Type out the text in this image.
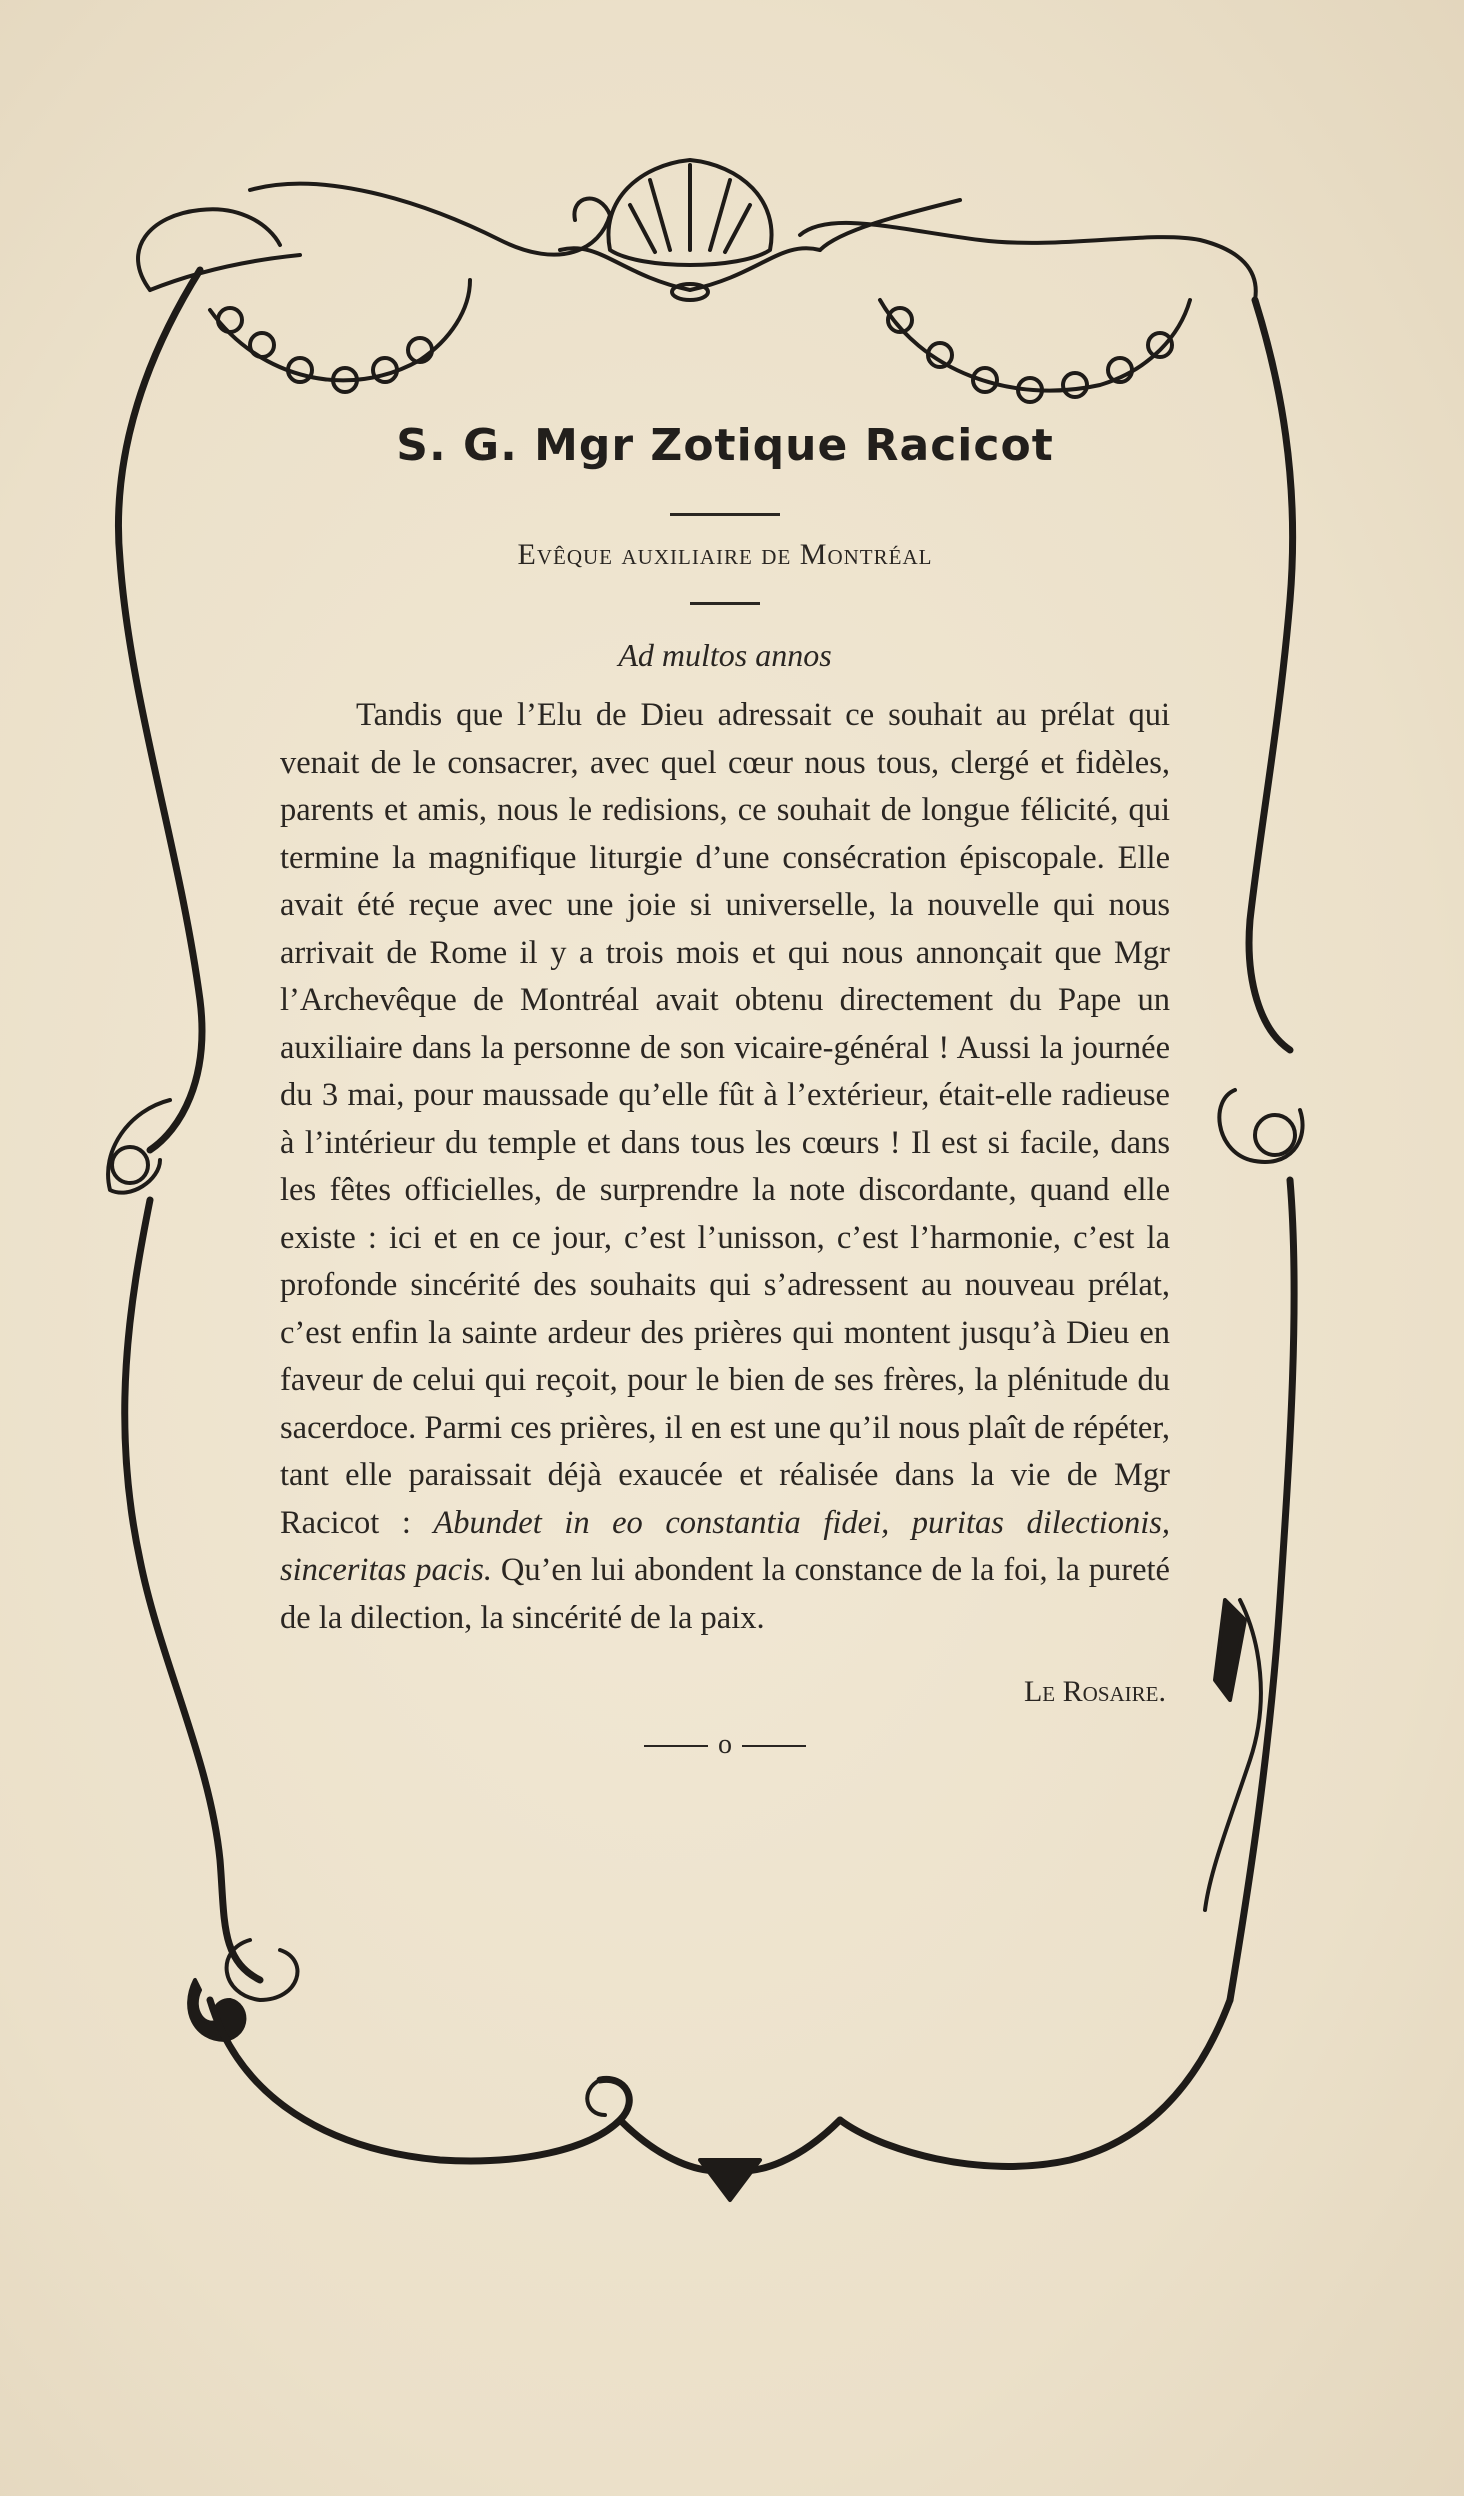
S. G. Mgr Zotique Racicot
Evêque auxiliaire de Montréal
Ad multos annos

Tandis que l’Elu de Dieu adressait ce souhait au prélat qui venait de le consacrer, avec quel cœur nous tous, clergé et fidèles, parents et amis, nous le redisions, ce souhait de longue félicité, qui termine la magnifique liturgie d’une consécration épiscopale. Elle avait été reçue avec une joie si universelle, la nouvelle qui nous arrivait de Rome il y a trois mois et qui nous annonçait que Mgr l’Archevêque de Montréal avait obtenu directement du Pape un auxiliaire dans la personne de son vicaire-général ! Aussi la journée du 3 mai, pour maussade qu’elle fût à l’extérieur, était-elle radieuse à l’intérieur du temple et dans tous les cœurs ! Il est si facile, dans les fêtes officielles, de surprendre la note discordante, quand elle existe : ici et en ce jour, c’est l’unisson, c’est l’harmonie, c’est la profonde sincérité des souhaits qui s’adressent au nouveau prélat, c’est enfin la sainte ardeur des prières qui montent jusqu’à Dieu en faveur de celui qui reçoit, pour le bien de ses frères, la plénitude du sacerdoce. Parmi ces prières, il en est une qu’il nous plaît de répéter, tant elle paraissait déjà exaucée et réalisée dans la vie de Mgr Racicot : Abundet in eo constantia fidei, puritas dilectionis, sinceritas pacis. Qu’en lui abondent la constance de la foi, la pureté de la dilection, la sincérité de la paix.

Le Rosaire.
o
